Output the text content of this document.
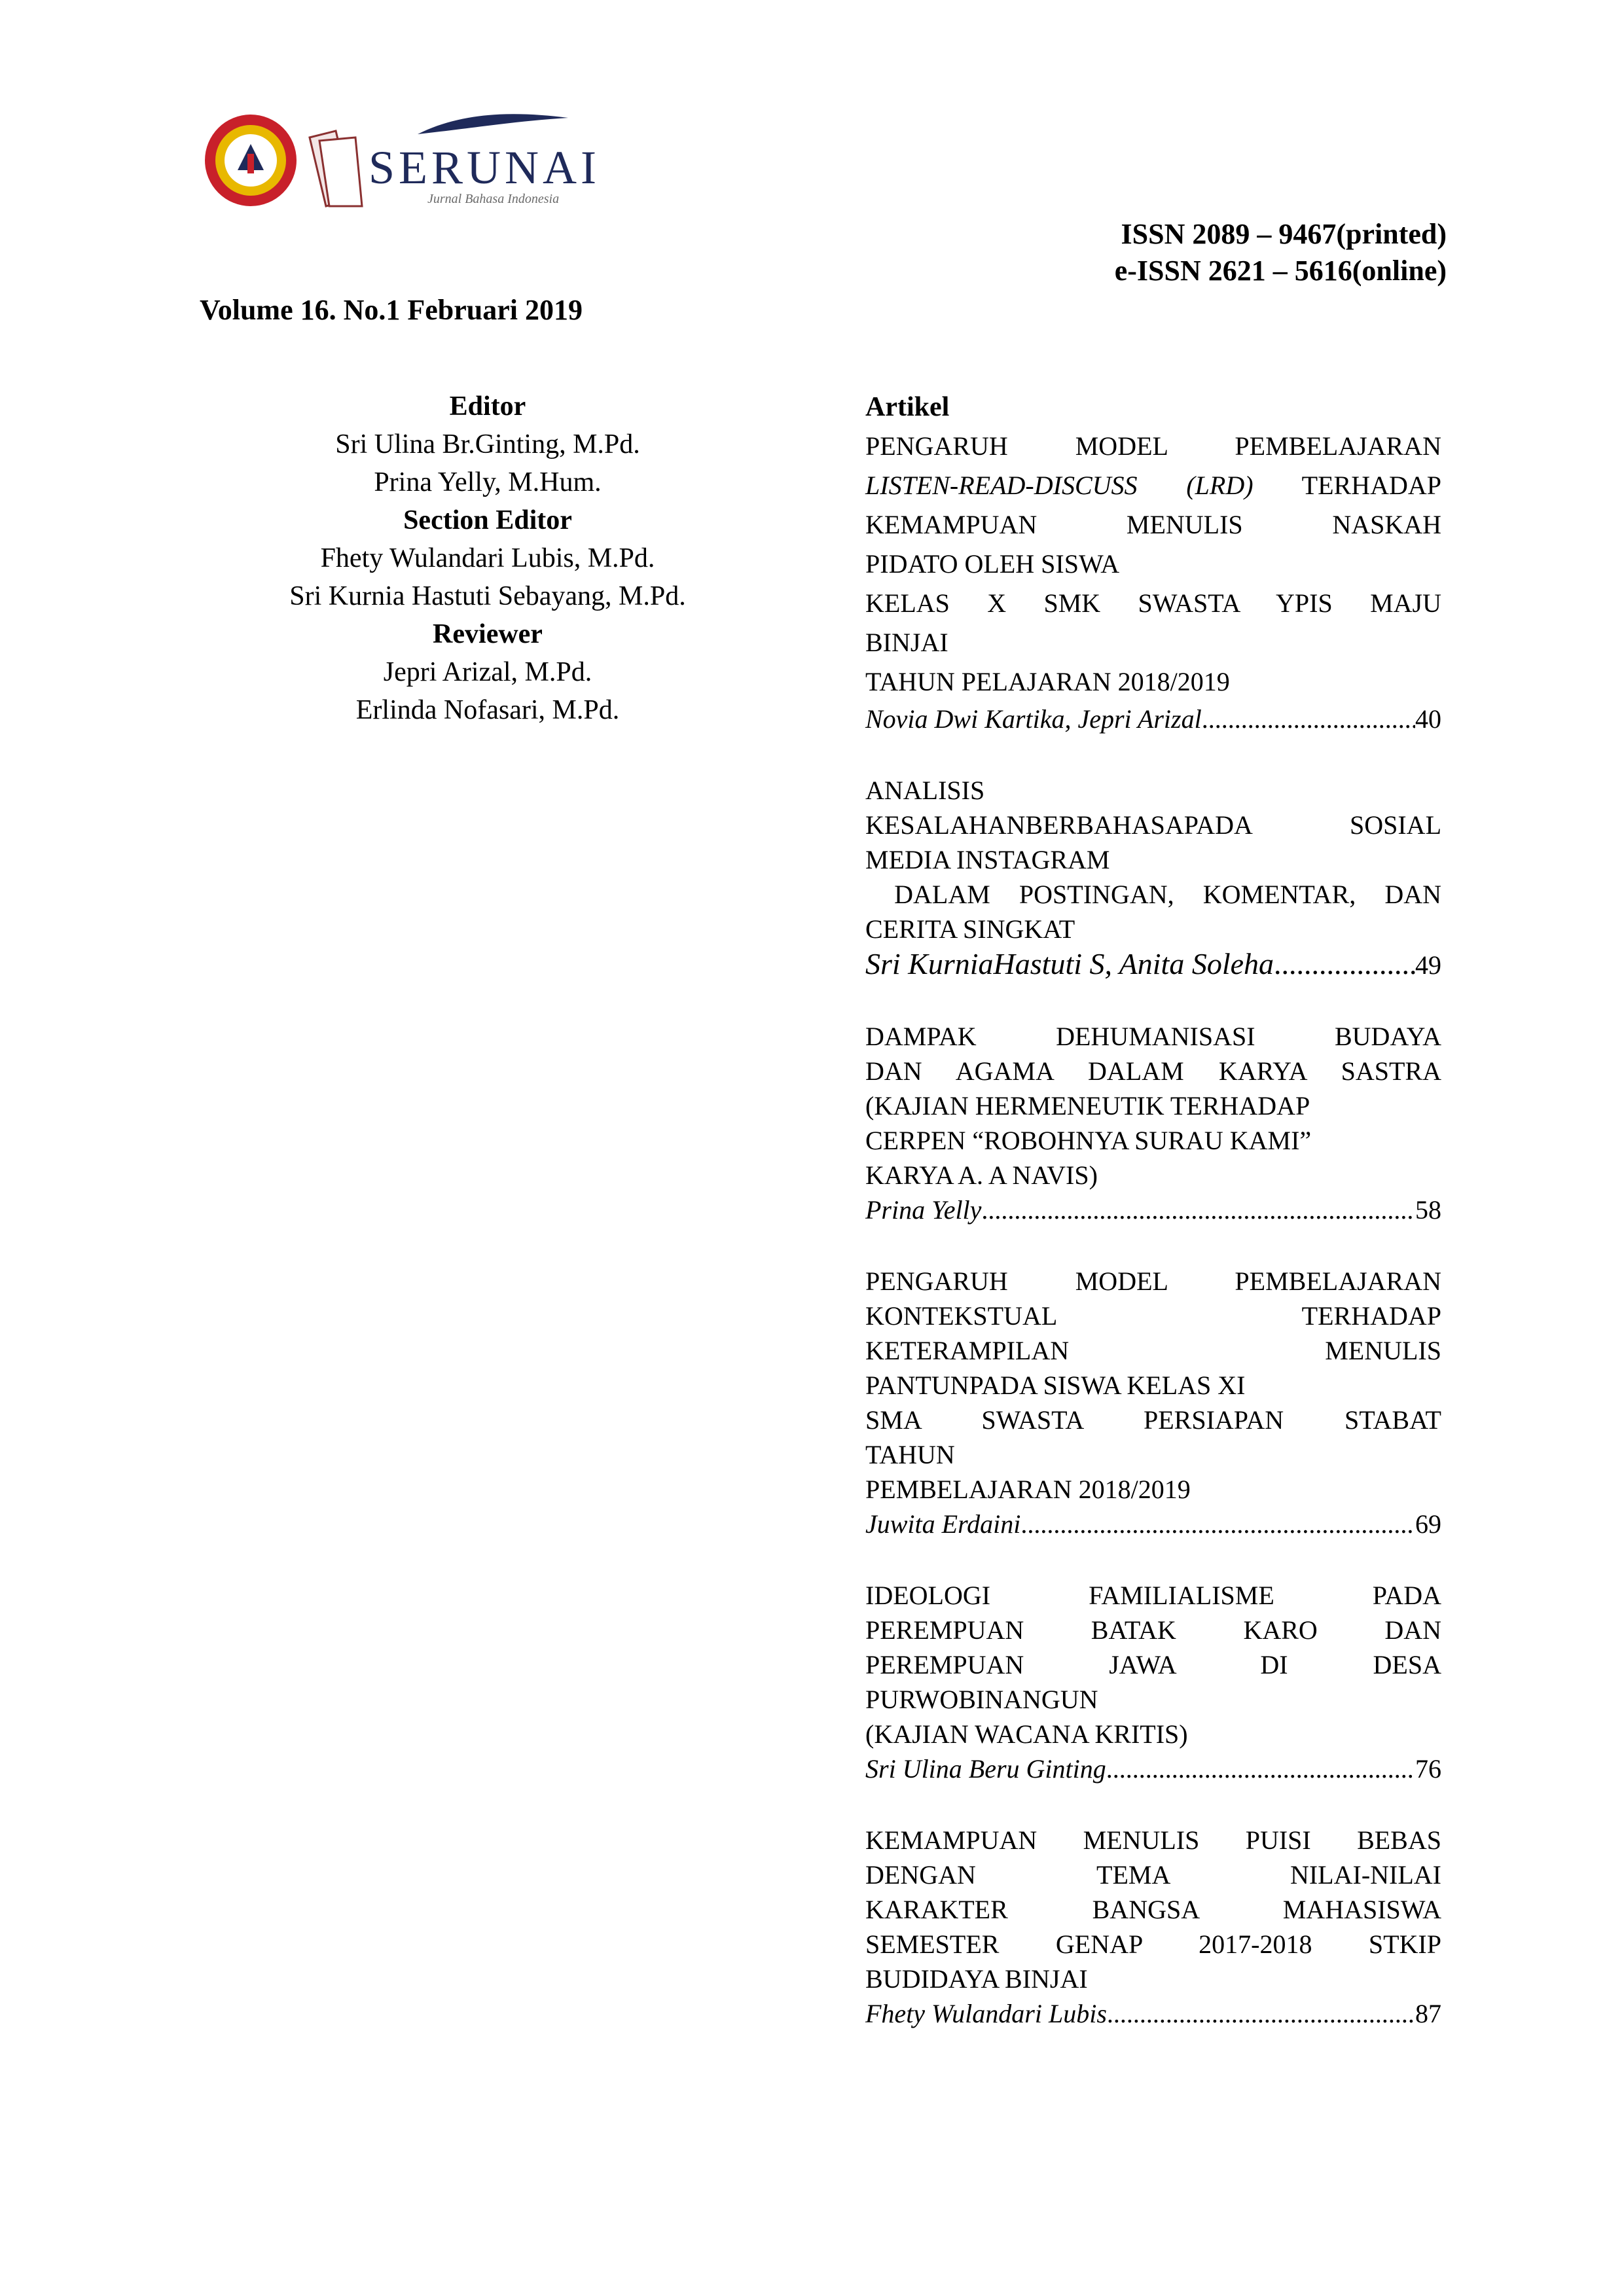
SERUNAI
Jurnal Bahasa Indonesia
ISSN 2089 – 9467(printed)
e-ISSN 2621 – 5616(online)
Volume 16. No.1 Februari 2019
Editor
Sri Ulina Br.Ginting, M.Pd.
Prina Yelly, M.Hum.
Section Editor
Fhety Wulandari Lubis, M.Pd.
Sri Kurnia Hastuti Sebayang, M.Pd.
Reviewer
Jepri Arizal, M.Pd.
Erlinda Nofasari, M.Pd.
Artikel
PENGARUH MODEL PEMBELAJARAN
LISTEN-READ-DISCUSS (LRD) TERHADAP
KEMAMPUAN MENULIS NASKAH
PIDATO OLEH SISWA
KELAS X SMK SWASTA YPIS MAJU
BINJAI
TAHUN PELAJARAN 2018/2019
Novia Dwi Kartika, Jepri Arizal .....	40
ANALISIS
KESALAHANBERBAHASAPADA SOSIAL
MEDIA INSTAGRAM
DALAM POSTINGAN, KOMENTAR, DAN
CERITA SINGKAT
Sri KurniaHastuti S, Anita Soleha .....	49
DAMPAK DEHUMANISASI BUDAYA
DAN AGAMA DALAM KARYA SASTRA
(KAJIAN HERMENEUTIK TERHADAP
CERPEN “ROBOHNYA SURAU KAMI”
KARYA A. A NAVIS)
Prina Yelly .....	58
PENGARUH MODEL PEMBELAJARAN
KONTEKSTUAL TERHADAP
KETERAMPILAN MENULIS
PANTUNPADA SISWA KELAS XI
SMA SWASTA PERSIAPAN STABAT
TAHUN
PEMBELAJARAN 2018/2019
Juwita Erdaini .....	69
IDEOLOGI FAMILIALISME PADA
PEREMPUAN BATAK KARO DAN
PEREMPUAN JAWA DI DESA
PURWOBINANGUN
(KAJIAN WACANA KRITIS)
Sri Ulina Beru Ginting .....	76
KEMAMPUAN MENULIS PUISI BEBAS
DENGAN TEMA NILAI-NILAI
KARAKTER BANGSA MAHASISWA
SEMESTER GENAP 2017-2018 STKIP
BUDIDAYA BINJAI
Fhety Wulandari Lubis .....	87
